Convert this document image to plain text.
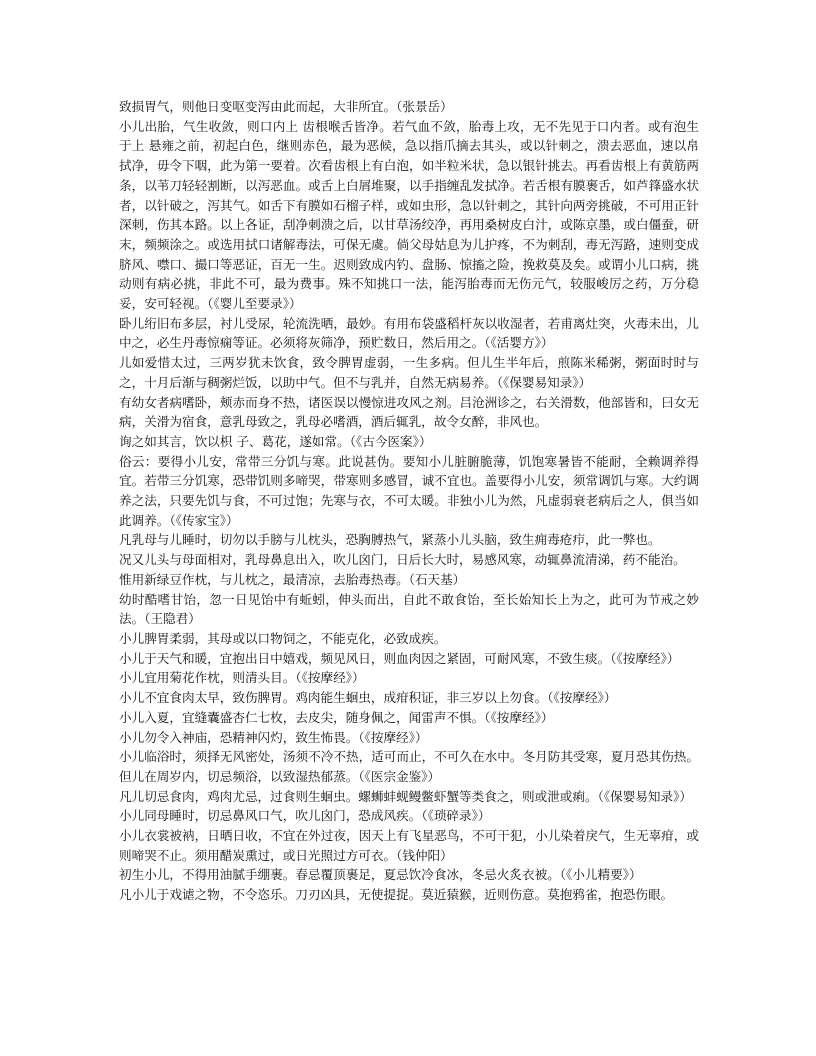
致损胃气，则他日变呕变泻由此而起，大非所宜。（张景岳）

小儿出胎，气生收敛，则口内上 齿根喉舌皆净。若气血不敛，胎毒上攻，无不先见于口内者。或有泡生于上 悬雍之前，初起白色，继则赤色，最为恶候，急以指爪摘去其头，或以针刺之，溃去恶血，速以帛拭净，毋令下咽，此为第一要着。次看齿根上有白泡，如半粒米状，急以银针挑去。再看齿根上有黄筋两条，以苇刀轻轻割断，以泻恶血。或舌上白屑堆聚，以手指缠乱发拭净。若舌根有膜裹舌，如芦箨盛水状者，以针破之，泻其气。如舌下有膜如石榴子样，或如虫形，急以针刺之，其针向两旁挑破，不可用正针深刺，伤其本路。以上各证，刮净刺溃之后，以甘草汤绞净，再用桑树皮白汁，或陈京墨，或白僵蚕，研末，频频涂之。或选用拭口诸解毒法，可保无虞。倘父母姑息为儿护疼，不为刺刮，毒无泻路，速则变成脐风、噤口、撮口等恶证，百无一生。迟则致成内钓、盘肠、惊搐之险，挽救莫及矣。或谓小儿口病，挑动则有病必挑，非此不可，最为费事。殊不知挑口一法，能泻胎毒而无伤元气，较服峻厉之药，万分稳妥，安可轻视。（《婴儿至要录》）

卧儿绗旧布多层，衬儿受尿，轮流洗晒，最妙。有用布袋盛稻杆灰以收湿者，若甫离灶突，火毒未出，儿中之，必生丹毒惊痫等证。必须将灰筛净，预贮数日，然后用之。（《活婴方》）

儿如爱惜太过，三两岁犹未饮食，致令脾胃虚弱，一生多病。但儿生半年后，煎陈米稀粥，粥面时时与之，十月后渐与稠粥烂饭，以助中气。但不与乳并，自然无病易养。（《保婴易知录》）

有幼女者病嗜卧，颊赤而身不热，诸医误以慢惊进攻风之剂。吕沧洲诊之，右关滑数，他部皆和，曰女无病，关滑为宿食，意乳母致之，乳母必嗜酒，酒后辄乳，故令女醉，非风也。

询之如其言，饮以枳 子、葛花，遂如常。（《古今医案》）

俗云：要得小儿安，常带三分饥与寒。此说甚伪。要知小儿脏腑脆薄，饥饱寒暑皆不能耐，全赖调养得宜。若带三分饥寒，恐带饥则多啼哭，带寒则多感冒，诚不宜也。盖要得小儿安，须常调饥与寒。大约调养之法，只要先饥与食，不可过饱；先寒与衣，不可太暖。非独小儿为然，凡虚弱衰老病后之人，俱当如此调养。（《传家宝》）

凡乳母与儿睡时，切勿以手膀与儿枕头，恐胸膊热气，紧蒸小儿头脑，致生痈毒疮疖，此一弊也。

况又儿头与母面相对，乳母鼻息出入，吹儿囟门，日后长大时，易感风寒，动辄鼻流清涕，药不能治。

惟用新绿豆作枕，与儿枕之，最清凉，去胎毒热毒。（石天基）

幼时酷嗜甘饴，忽一日见饴中有蚯蚓，伸头而出，自此不敢食饴，至长始知长上为之，此可为节戒之妙法。（王隐君）

小儿脾胃柔弱，其母或以口物饲之，不能克化，必致成疾。

小儿于天气和暖，宜抱出日中嬉戏，频见风日，则血肉因之紧固，可耐风寒，不致生痰。（《按摩经》）

小儿宜用菊花作枕，则清头目。（《按摩经》）

小儿不宜食肉太早，致伤脾胃。鸡肉能生蛔虫，成疳积证，非三岁以上勿食。（《按摩经》）

小儿入夏，宜缝囊盛杏仁七枚，去皮尖，随身佩之，闻雷声不惧。（《按摩经》）

小儿勿令入神庙，恐精神闪灼，致生怖畏。（《按摩经》）

小儿临浴时，须择无风密处，汤须不冷不热，适可而止，不可久在水中。冬月防其受寒，夏月恐其伤热。但儿在周岁内，切忌频浴，以致湿热郁蒸。（《医宗金鉴》）

凡儿切忌食肉，鸡肉尤忌，过食则生蛔虫。螺蛳蚌蚬鳗鳖虾蟹等类食之，则或泄或痢。（《保婴易知录》）

小儿同母睡时，切忌鼻风口气，吹儿囟门，恐成风疾。（《琐碎录》）

小儿衣裳被衲，日晒日收，不宜在外过夜，因天上有飞星恶鸟，不可干犯，小儿染着戾气，生无辜疳，或则啼哭不止。须用醋炭熏过，或日光照过方可衣。（钱仲阳）

初生小儿，不得用油腻手绷裹。春忌覆顶裹足，夏忌饮冷食冰，冬忌火炙衣被。（《小儿精要》）

凡小儿于戏谑之物，不令恣乐。刀刃凶具，无使提捉。莫近猿猴，近则伤意。莫抱鸦雀，抱恐伤眼。
